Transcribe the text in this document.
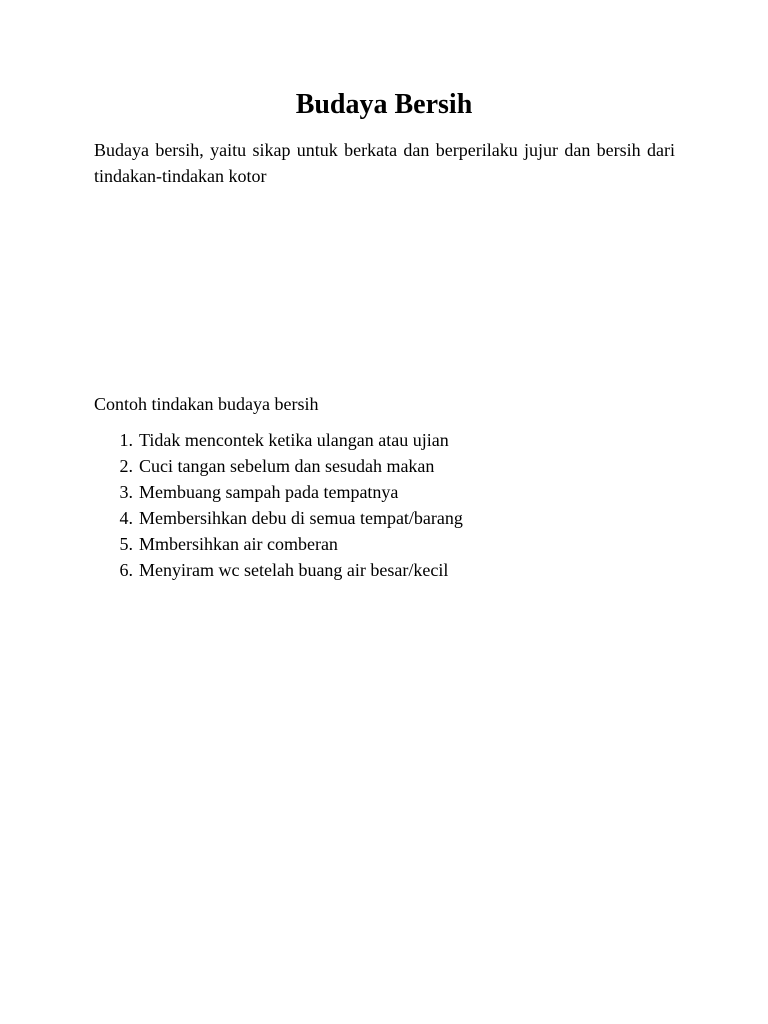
Budaya Bersih

Budaya bersih, yaitu sikap untuk berkata dan berperilaku jujur dan bersih dari tindakan-tindakan kotor

Contoh tindakan budaya bersih

1. Tidak mencontek ketika ulangan atau ujian
2. Cuci tangan sebelum dan sesudah makan
3. Membuang sampah pada tempatnya
4. Membersihkan debu di semua tempat/barang
5. Mmbersihkan air comberan
6. Menyiram wc setelah buang air besar/kecil
